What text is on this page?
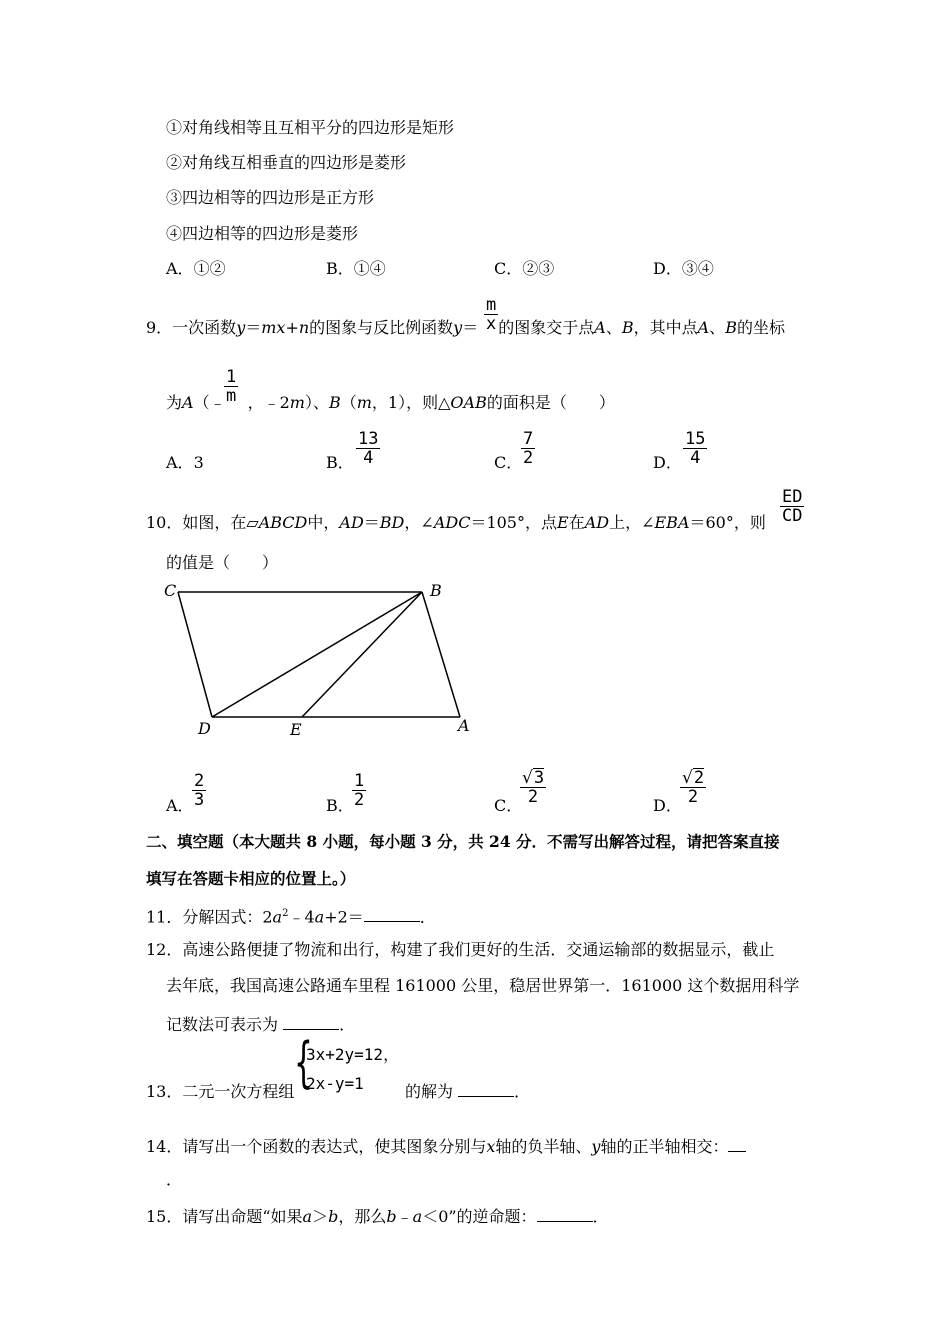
①对角线相等且互相平分的四边形是矩形
②对角线互相垂直的四边形是菱形
③四边相等的四边形是正方形
④四边相等的四边形是菱形
A．①②	B．①④	C．②③	D．③④
9．一次函数y＝mx+n的图象与反比例函数y＝ 的图象交于点A、B，其中点A、B的坐标
$\frac{m}{x}$
为A（﹣ ，﹣2m）、B（m，1），则△OAB的面积是（　　）
$\frac{1}{m}$
A．3	B． $\frac{13}{4}$	C．
$\frac{7}{2}$	D． $\frac{15}{4}$
10．如图，在▱ABCD中，AD＝BD，∠ADC＝105°，点E在AD上，∠EBA＝60°，则 $\frac{ED}{CD}$
的值是（　　）
C	B
D	E	A
A．
$\frac{2}{3}$	B．
$\frac{1}{2}$	C．
$\frac{√3}{2}$	D．
$\frac{√2}{2}$
二、填空题（本大题共 8 小题，每小题 3 分，共 24 分．不需写出解答过程，请把答案直接
填写在答题卡相应的位置上。）
11．分解因式：$2a^2﹣4a+2=$	．
12．高速公路便捷了物流和出行，构建了我们更好的生活．交通运输部的数据显示，截止
去年底，我国高速公路通车里程 161000 公里，稳居世界第一．161000 这个数据用科学
记数法可表示为	．
{
3x+2y=12，
2x-y=1
13．二元一次方程组	的解为	．
14．请写出一个函数的表达式，使其图象分别与x轴的负半轴、y轴的正半轴相交：
．
15．请写出命题“如果a＞b，那么b﹣a＜0”的逆命题：	．
